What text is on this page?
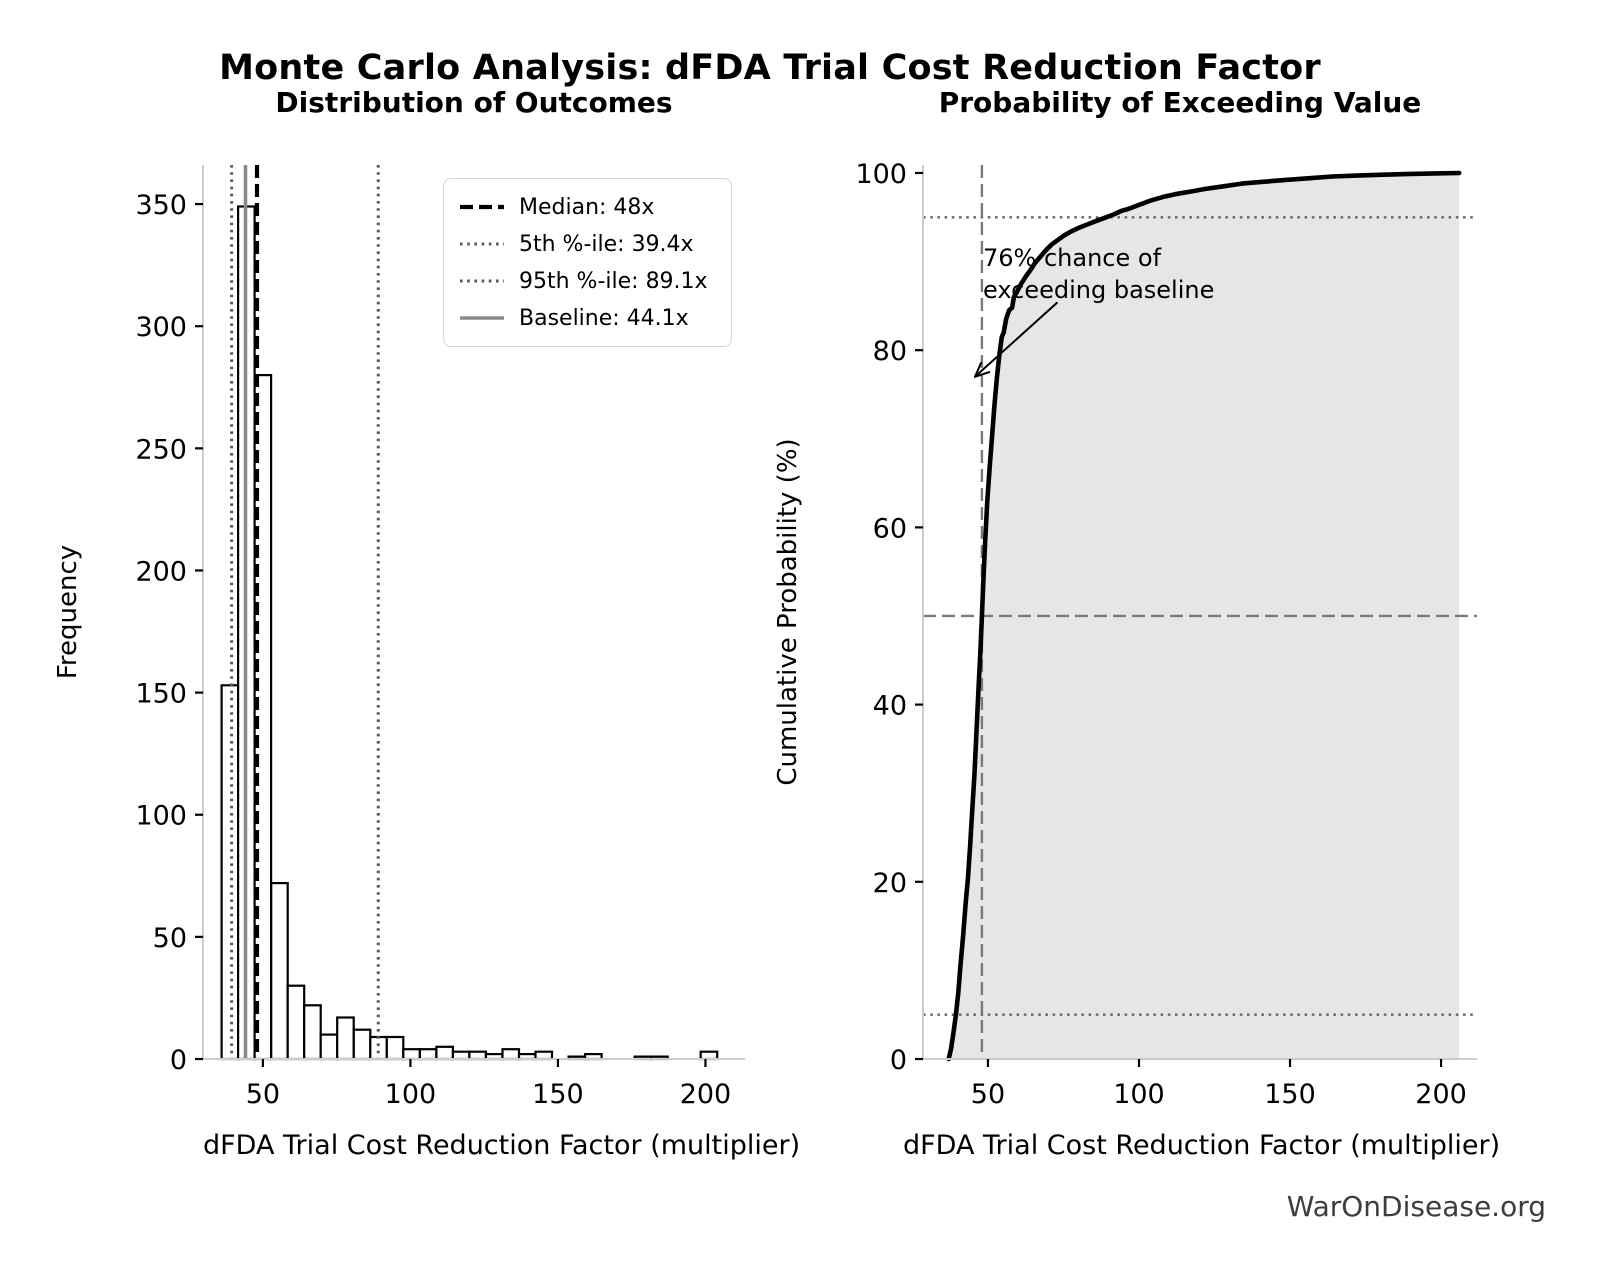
Monte Carlo Analysis: dFDA Trial Cost Reduction Factor
Distribution of Outcomes	Probability of Exceeding Value
Frequency	Cumulative Probability (%)
50	100	150	200
0
50
100
150
200
250
300
350
50	100	150	200
0
20
40
60
80
100
dFDA Trial Cost Reduction Factor (multiplier)	dFDA Trial Cost Reduction Factor (multiplier)
Median: 48x
5th %-ile: 39.4x
95th %-ile: 89.1x
Baseline: 44.1x
76% chance of
exceeding baseline
WarOnDisease.org
